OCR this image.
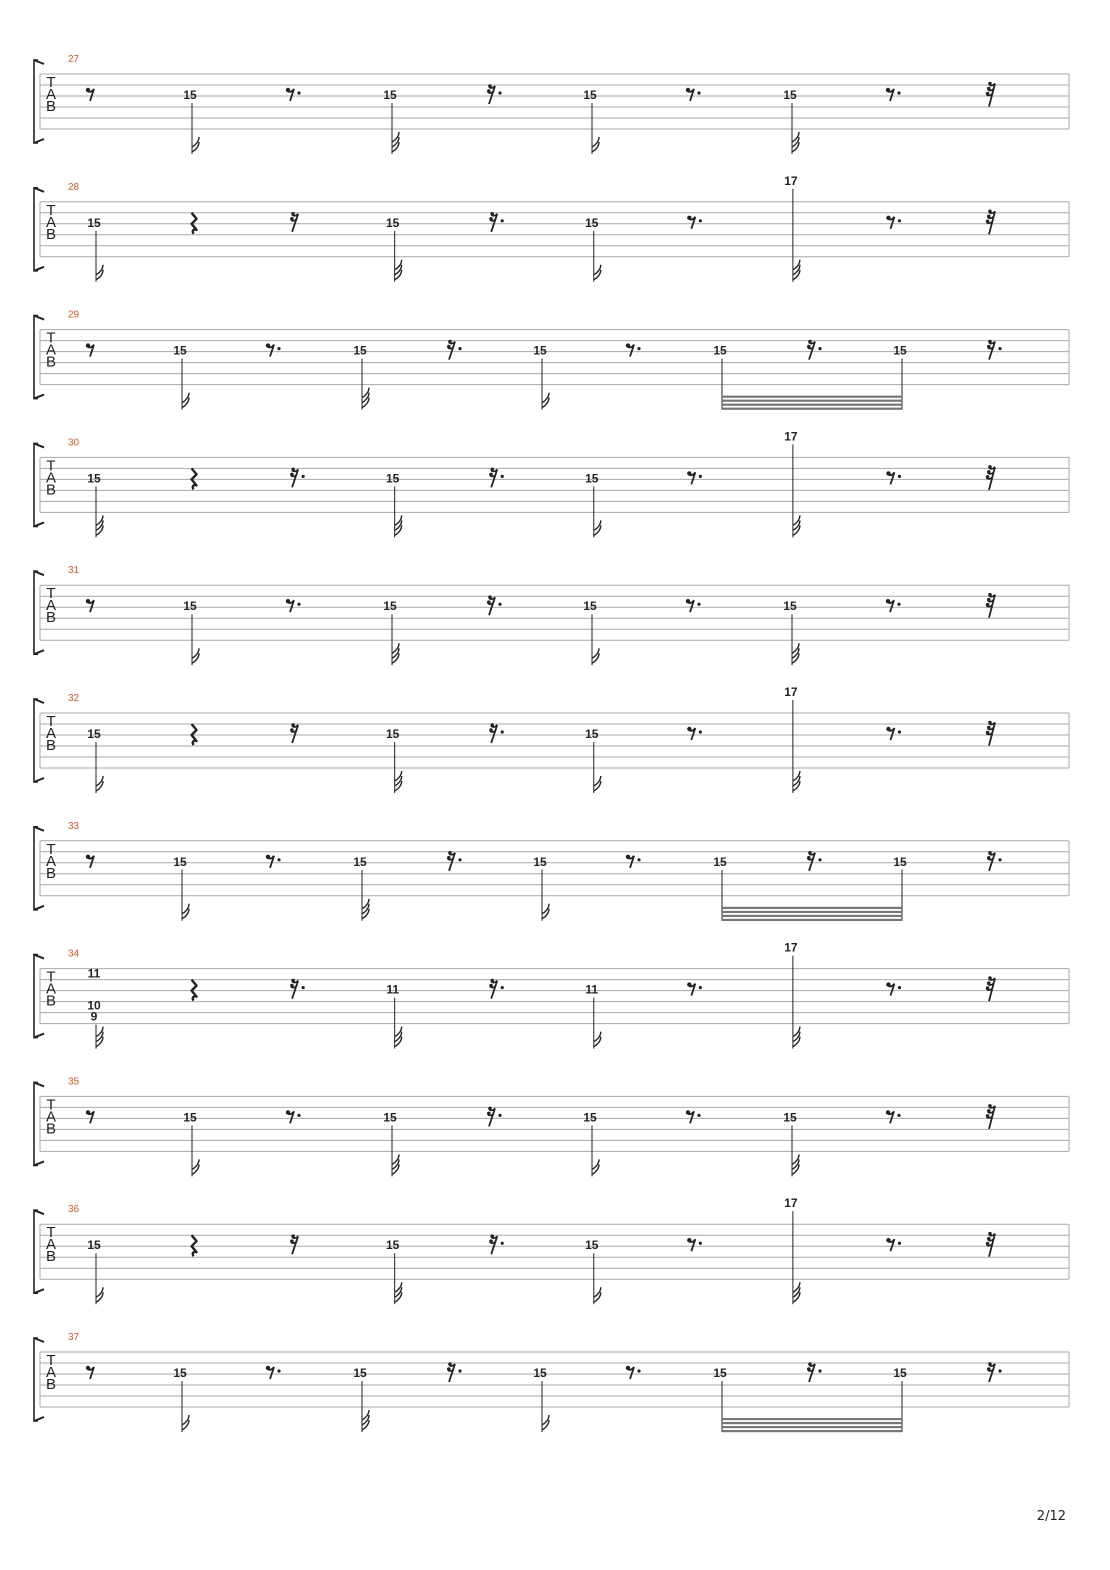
T
A
B
27
15	15	15	15
T
A
B
28
15	15	15
17
T
A
B
29
15	15	15	15	15
T
A
B
30
15	15	15
17
T
A
B
31
15	15	15	15
T
A
B
32
15	15	15
17
T
A
B
33
15	15	15	15	15
T
A
B
34
11
10
9
11	11
17
T
A
B
35
15	15	15	15
T
A
B
36
15	15	15
17
T
A
B
37
15	15	15	15	15
2/12
